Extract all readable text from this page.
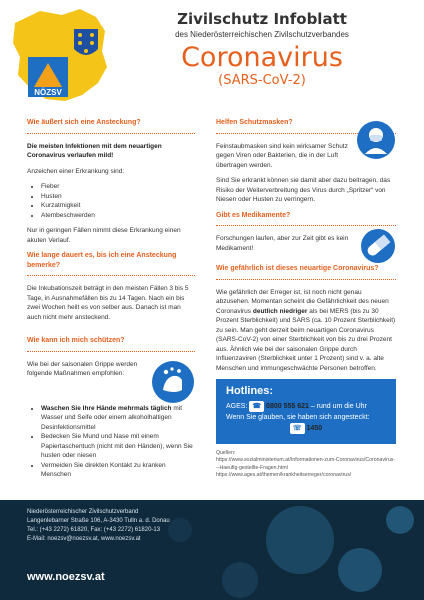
NÖZSV
Zivilschutz Infoblatt
des Niederösterreichischen Zivilschutzverbandes
Coronavirus
(SARS-CoV-2)
Wie äußert sich eine Ansteckung?

Die meisten Infektionen mit dem neuartigen Coronavirus verlaufen mild!

Anzeichen einer Erkrankung sind:

• Fieber
• Husten
• Kurzatmigkeit
• Atembeschwerden

Nur in geringen Fällen nimmt diese Erkrankung einen akuten Verlauf.

Wie lange dauert es, bis ich eine Ansteckung bemerke?

Die Inkubationszeit beträgt in den meisten Fällen 3 bis 5 Tage, in Ausnahmefällen bis zu 14 Tagen. Nach ein bis zwei Wochen heilt es von selber aus. Danach ist man auch nicht mehr ansteckend.

Wie kann ich mich schützen?

Wie bei der saisonalen Grippe werden folgende Maßnahmen empfohlen:

• Waschen Sie Ihre Hände mehrmals täglich mit Wasser und Seife oder einem alkoholhaltigen Desinfektionsmittel
• Bedecken Sie Mund und Nase mit einem Papiertaschentuch (nicht mit den Händen), wenn Sie husten oder niesen
• Vermeiden Sie direkten Kontakt zu kranken Menschen
Helfen Schutzmasken?

Feinstaubmasken sind kein wirksamer Schutz gegen Viren oder Bakterien, die in der Luft übertragen werden.

Sind Sie erkrankt können sie damit aber dazu beitragen, das Risiko der Weiterverbreitung des Virus durch „Spritzer“ von Niesen oder Husten zu verringern.

Gibt es Medikamente?

Forschungen laufen, aber zur Zeit gibt es kein Medikament!

Wie gefährlich ist dieses neuartige Coronavirus?

Wie gefährlich der Erreger ist, ist noch nicht genau abzusehen. Momentan scheint die Gefährlichkeit des neuen Coronavirus deutlich niedriger als bei MERS (bis zu 30 Prozent Sterblichkeit) und SARS (ca. 10 Prozent Sterblichkeit) zu sein. Man geht derzeit beim neuartigen Coronavirus (SARS-CoV-2) von einer Sterblichkeit von bis zu drei Prozent aus. Ähnlich wie bei der saisonalen Grippe durch Influenzaviren (Sterblichkeit unter 1 Prozent) sind v. a. alte Menschen und immungeschwächte Personen betroffen.

Hotlines:
AGES: ☎ 0800 555 621 – rund um die Uhr
Wenn Sie glauben, sie haben sich angesteckt:
☏ 1450
Quellen:
https://www.sozialministerium.at/Informationen-zum-Coronavirus/Coronavirus---Haeufig-gestellte-Fragen.html
https://www.ages.at/themen/krankheitserreger/coronavirus/
Niederösterreichischer Zivilschutzverband
Langenlebarner Straße 106, A-3430 Tulln a. d. Donau
Tel.: (+43 2272) 61820, Fax: (+43 2272) 61820-13
E-Mail: noezsv@noezsv.at, www.noezsv.at
www.noezsv.at
